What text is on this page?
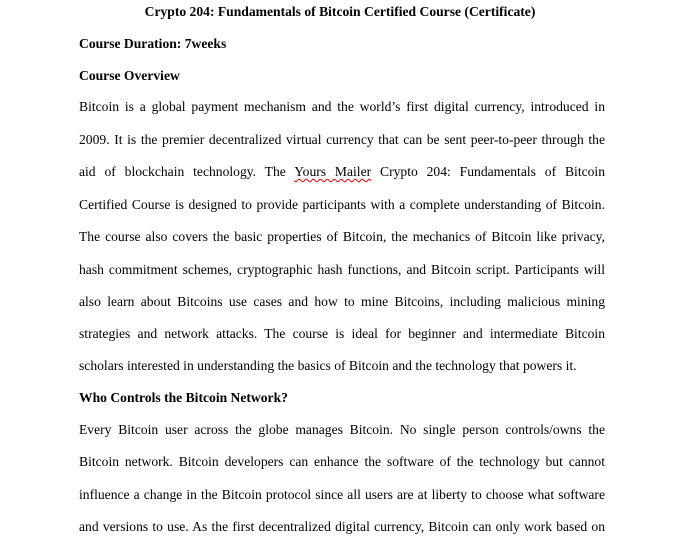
Crypto 204: Fundamentals of Bitcoin Certified Course (Certificate)
Course Duration: 7weeks
Course Overview
Bitcoin is a global payment mechanism and the world’s first digital currency, introduced in
2009. It is the premier decentralized virtual currency that can be sent peer-to-peer through the
aid of blockchain technology. The Yours Mailer Crypto 204: Fundamentals of Bitcoin
Certified Course is designed to provide participants with a complete understanding of Bitcoin.
The course also covers the basic properties of Bitcoin, the mechanics of Bitcoin like privacy,
hash commitment schemes, cryptographic hash functions, and Bitcoin script. Participants will
also learn about Bitcoins use cases and how to mine Bitcoins, including malicious mining
strategies and network attacks. The course is ideal for beginner and intermediate Bitcoin
scholars interested in understanding the basics of Bitcoin and the technology that powers it.
Who Controls the Bitcoin Network?
Every Bitcoin user across the globe manages Bitcoin. No single person controls/owns the
Bitcoin network. Bitcoin developers can enhance the software of the technology but cannot
influence a change in the Bitcoin protocol since all users are at liberty to choose what software
and versions to use. As the first decentralized digital currency, Bitcoin can only work based on
